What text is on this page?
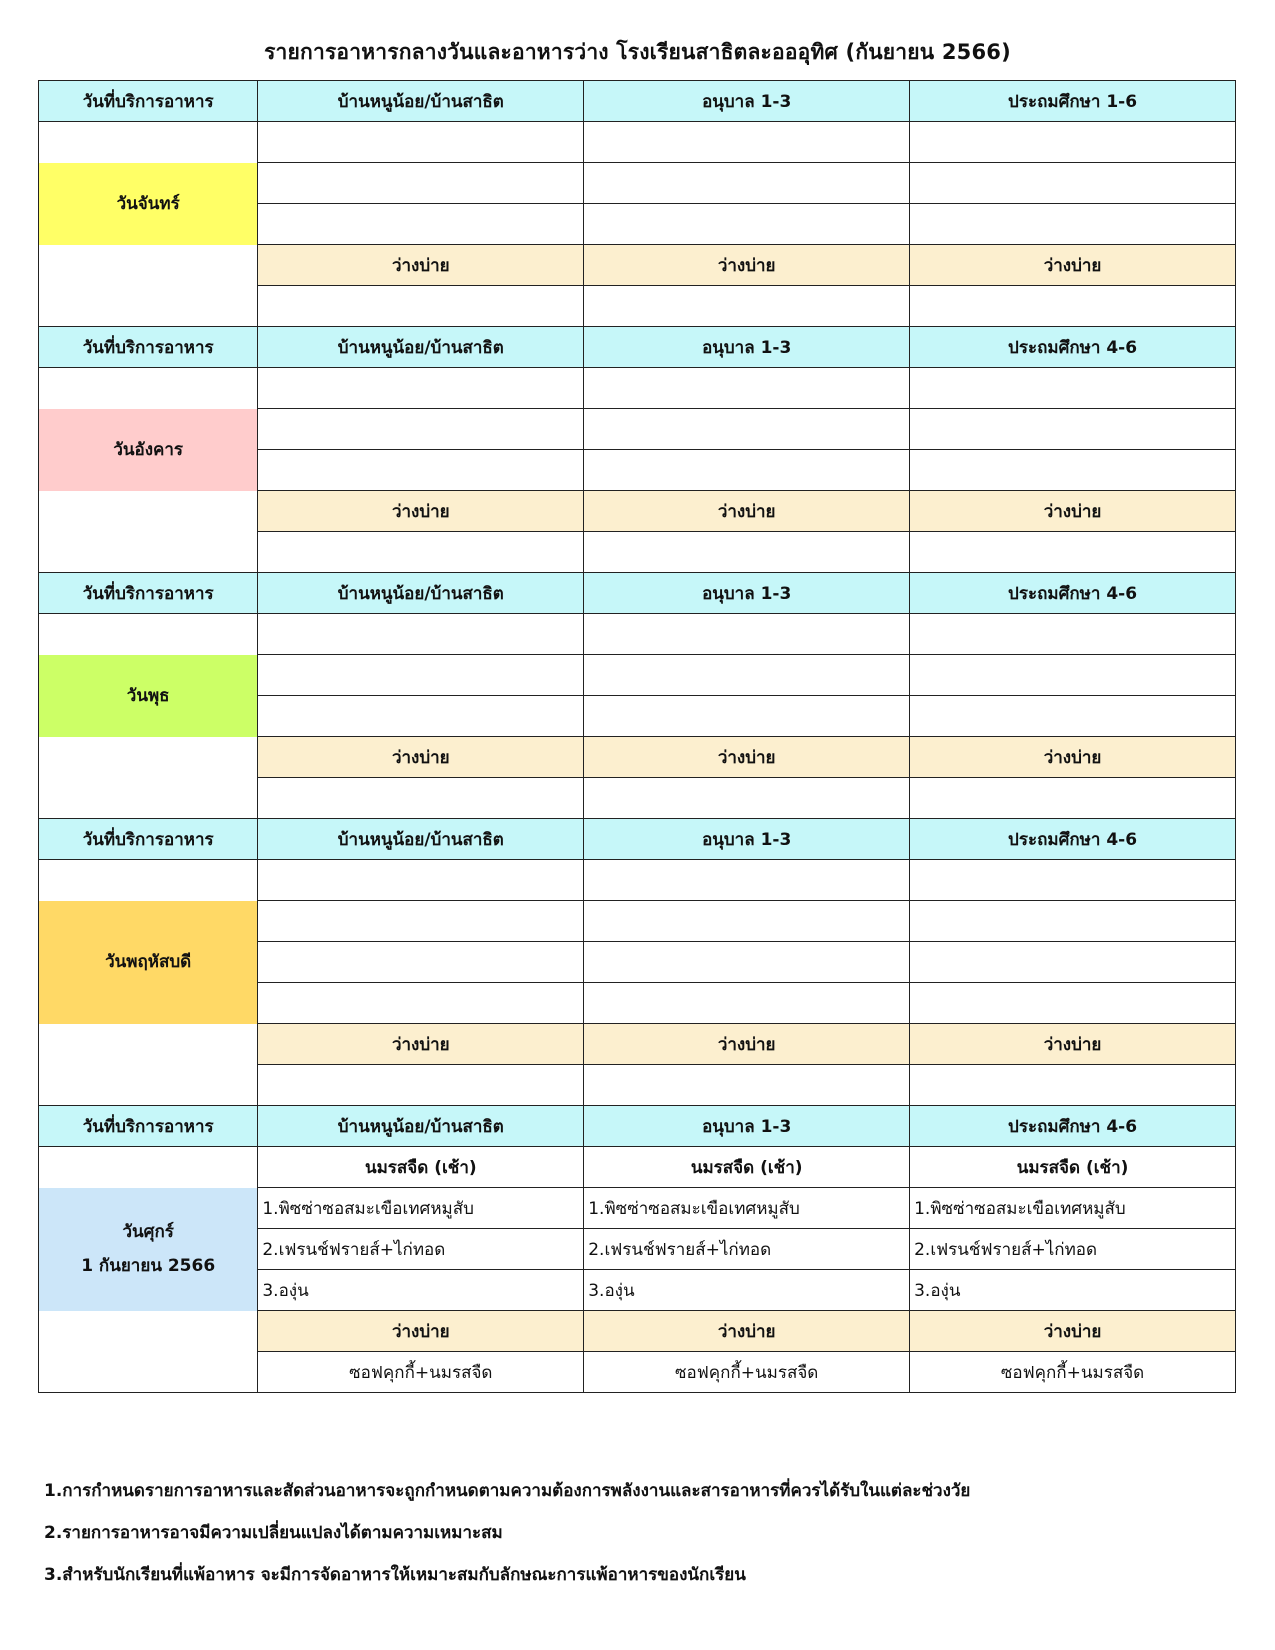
รายการอาหารกลางวันและอาหารว่าง โรงเรียนสาธิตละอออุทิศ (กันยายน 2566)
วันที่บริการอาหาร	บ้านหนูน้อย/บ้านสาธิต	อนุบาล 1-3	ประถมศึกษา 1-6

วันจันทร์			

	ว่างบ่าย	ว่างบ่าย	ว่างบ่าย

วันที่บริการอาหาร	บ้านหนูน้อย/บ้านสาธิต	อนุบาล 1-3	ประถมศึกษา 4-6

วันอังคาร			

	ว่างบ่าย	ว่างบ่าย	ว่างบ่าย

วันที่บริการอาหาร	บ้านหนูน้อย/บ้านสาธิต	อนุบาล 1-3	ประถมศึกษา 4-6

วันพุธ			

	ว่างบ่าย	ว่างบ่าย	ว่างบ่าย

วันที่บริการอาหาร	บ้านหนูน้อย/บ้านสาธิต	อนุบาล 1-3	ประถมศึกษา 4-6

วันพฤหัสบดี			

	ว่างบ่าย	ว่างบ่าย	ว่างบ่าย

วันที่บริการอาหาร	บ้านหนูน้อย/บ้านสาธิต	อนุบาล 1-3	ประถมศึกษา 4-6
	นมรสจืด (เช้า)	นมรสจืด (เช้า)	นมรสจืด (เช้า)
วันศุกร์
1 กันยายน 2566	1.พิซซ่าซอสมะเขือเทศหมูสับ	1.พิซซ่าซอสมะเขือเทศหมูสับ	1.พิซซ่าซอสมะเขือเทศหมูสับ
	2.เฟรนช์ฟรายส์+ไก่ทอด	2.เฟรนช์ฟรายส์+ไก่ทอด	2.เฟรนช์ฟรายส์+ไก่ทอด
	3.องุ่น	3.องุ่น	3.องุ่น
	ว่างบ่าย	ว่างบ่าย	ว่างบ่าย
	ซอฟคุกกี้+นมรสจืด	ซอฟคุกกี้+นมรสจืด	ซอฟคุกกี้+นมรสจืด
1.การกำหนดรายการอาหารและสัดส่วนอาหารจะถูกกำหนดตามความต้องการพลังงานและสารอาหารที่ควรได้รับในแต่ละช่วงวัย
2.รายการอาหารอาจมีความเปลี่ยนแปลงได้ตามความเหมาะสม
3.สำหรับนักเรียนที่แพ้อาหาร จะมีการจัดอาหารให้เหมาะสมกับลักษณะการแพ้อาหารของนักเรียน
